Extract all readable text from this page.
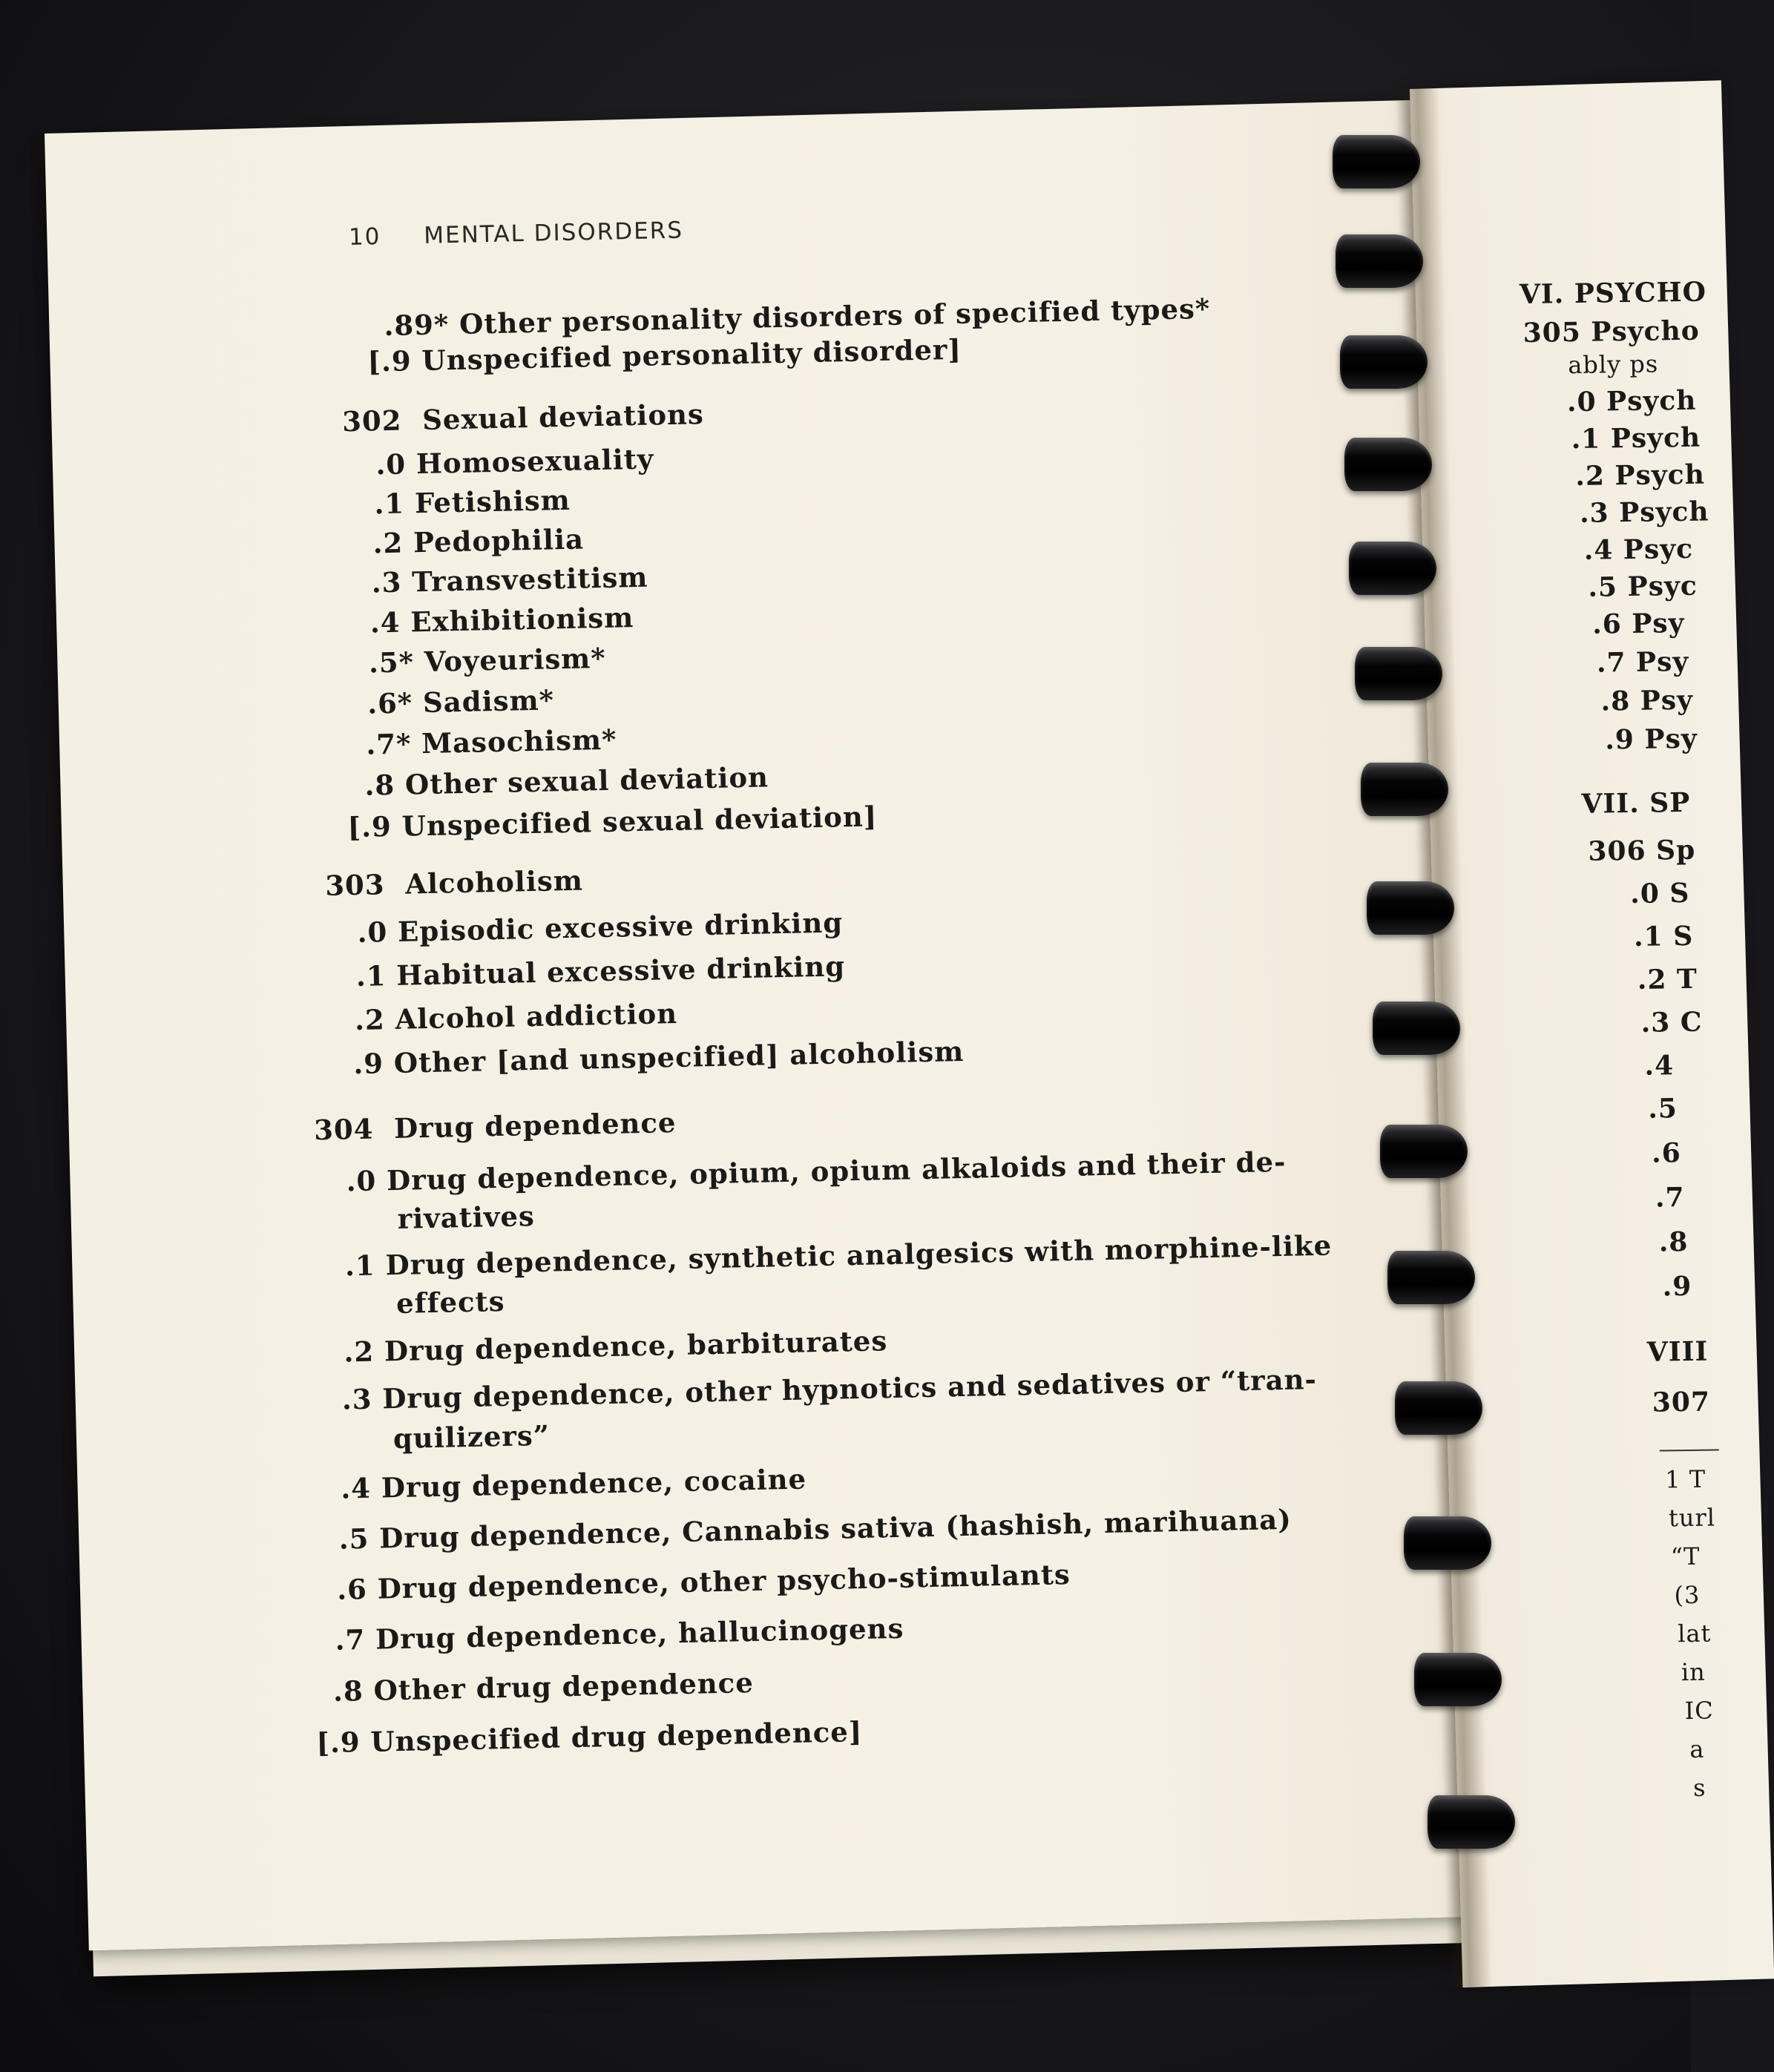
10 MENTAL DISORDERS
.89* Other personality disorders of specified types*
[.9 Unspecified personality disorder]
302 Sexual deviations
.0 Homosexuality
.1 Fetishism
.2 Pedophilia
.3 Transvestitism
.4 Exhibitionism
.5* Voyeurism*
.6* Sadism*
.7* Masochism*
.8 Other sexual deviation
[.9 Unspecified sexual deviation]
303 Alcoholism
.0 Episodic excessive drinking
.1 Habitual excessive drinking
.2 Alcohol addiction
.9 Other [and unspecified] alcoholism
304 Drug dependence
.0 Drug dependence, opium, opium alkaloids and their de-
rivatives
.1 Drug dependence, synthetic analgesics with morphine-like
effects
.2 Drug dependence, barbiturates
.3 Drug dependence, other hypnotics and sedatives or “tran-
quilizers”
.4 Drug dependence, cocaine
.5 Drug dependence, Cannabis sativa (hashish, marihuana)
.6 Drug dependence, other psycho-stimulants
.7 Drug dependence, hallucinogens
.8 Other drug dependence
[.9 Unspecified drug dependence]
VI. PSYCHO
305 Psycho
ably ps
.0 Psych
.1 Psych
.2 Psych
.3 Psych
.4 Psyc
.5 Psyc
.6 Psy
.7 Psy
.8 Psy
.9 Psy
VII. SP
306 Sp
.0 S
.1 S
.2 T
.3 C
.4
.5
.6
.7
.8
.9
VIII
307
1 T
turl
“T
(3
lat
in
IC
a
s
